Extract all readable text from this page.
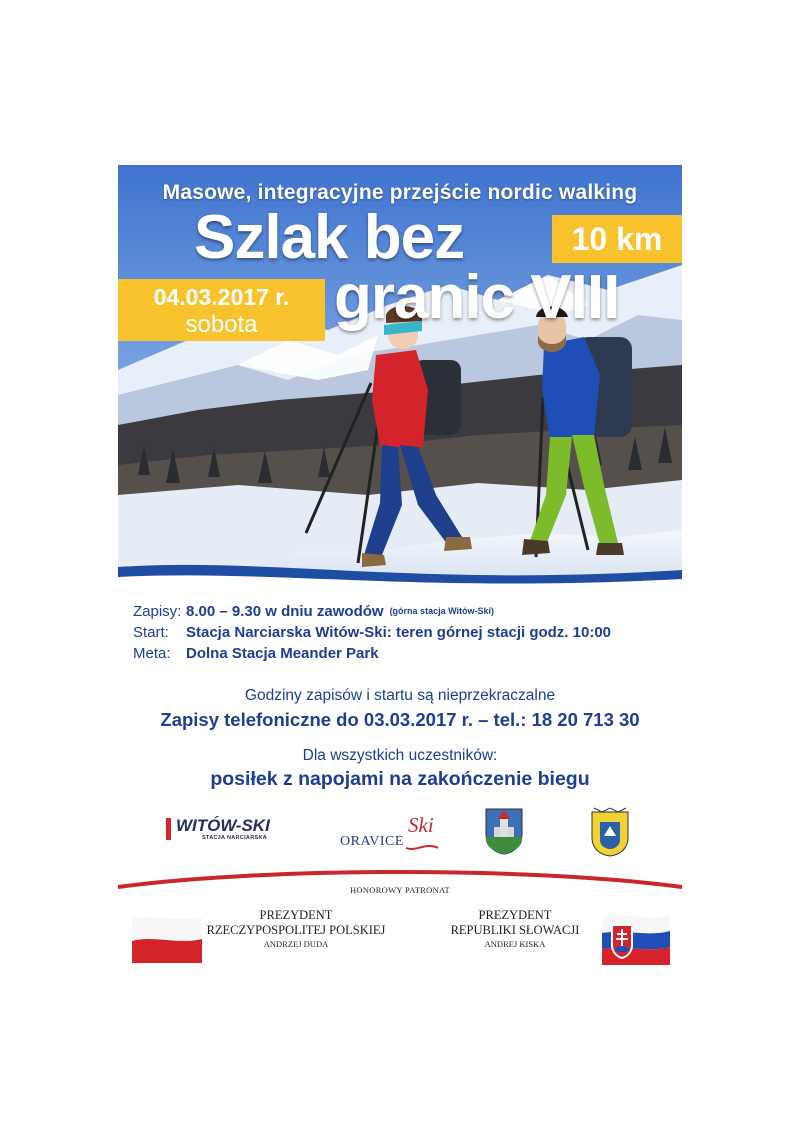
Masowe, integracyjne przejście nordic walking
Szlak bez
granic VIII
10 km
04.03.2017 r.
sobota
Zapisy: 8.00 – 9.30 w dniu zawodów (górna stacja Witów-Ski)
Start:	Stacja Narciarska Witów-Ski: teren górnej stacji godz. 10:00
Meta:	Dolna Stacja Meander Park
Godziny zapisów i startu są nieprzekraczalne
Zapisy telefoniczne do 03.03.2017 r. – tel.: 18 20 713 30
Dla wszystkich uczestników:
posiłek z napojami na zakończenie biegu
WITÓW-SKI
STACJA NARCIARSKA
Ski
ORAVICE
HONOROWY PATRONAT
PREZYDENT
RZECZYPOSPOLITEJ POLSKIEJ
ANDRZEJ DUDA
PREZYDENT
REPUBLIKI SŁOWACJI
ANDREJ KISKA
